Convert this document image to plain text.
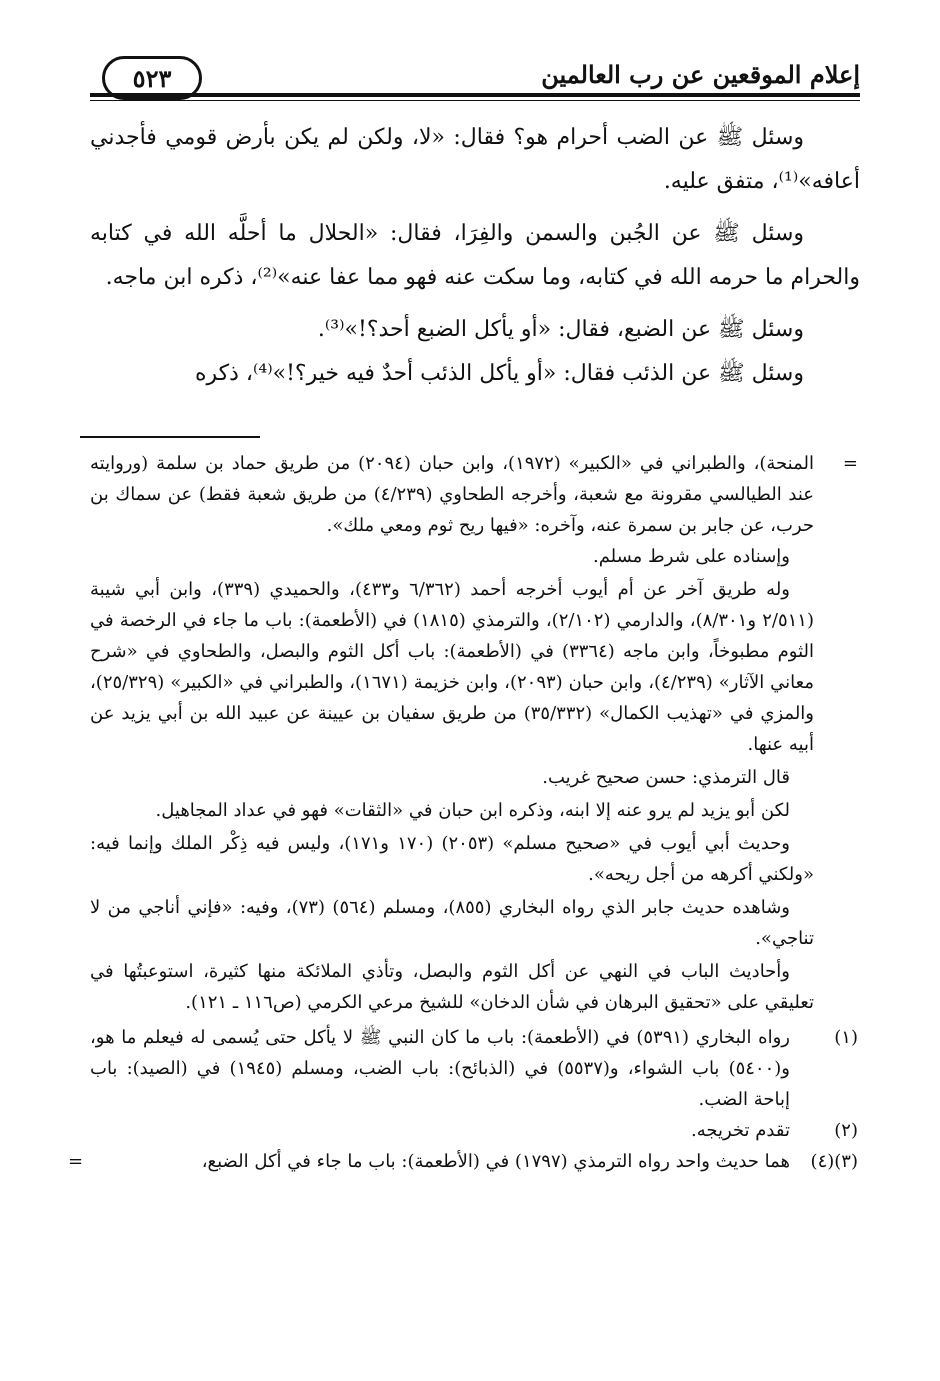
إعلام الموقعين عن رب العالمين
٥٢٣

وسئل ﷺ عن الضب أحرام هو؟ فقال: «لا، ولكن لم يكن بأرض قومي فأجدني أعافه»⁽¹⁾، متفق عليه.

وسئل ﷺ عن الجُبن والسمن والفِرَا، فقال: «الحلال ما أحلَّه الله في كتابه والحرام ما حرمه الله في كتابه، وما سكت عنه فهو مما عفا عنه»⁽²⁾، ذكره ابن ماجه.

وسئل ﷺ عن الضبع، فقال: «أو يأكل الضبع أحد؟!»⁽³⁾.

وسئل ﷺ عن الذئب فقال: «أو يأكل الذئب أحدٌ فيه خير؟!»⁽⁴⁾، ذكره

=
المنحة)، والطبراني في «الكبير» (١٩٧٢)، وابن حبان (٢٠٩٤) من طريق حماد بن سلمة (وروايته عند الطيالسي مقرونة مع شعبة، وأخرجه الطحاوي (٤/٢٣٩) من طريق شعبة فقط) عن سماك بن حرب، عن جابر بن سمرة عنه، وآخره: «فيها ريح ثوم ومعي ملك».

وإسناده على شرط مسلم.

وله طريق آخر عن أم أيوب أخرجه أحمد (٦/٣٦٢ و٤٣٣)، والحميدي (٣٣٩)، وابن أبي شيبة (٢/٥١١ و٨/٣٠١)، والدارمي (٢/١٠٢)، والترمذي (١٨١٥) في (الأطعمة): باب ما جاء في الرخصة في الثوم مطبوخاً، وابن ماجه (٣٣٦٤) في (الأطعمة): باب أكل الثوم والبصل، والطحاوي في «شرح معاني الآثار» (٤/٢٣٩)، وابن حبان (٢٠٩٣)، وابن خزيمة (١٦٧١)، والطبراني في «الكبير» (٢٥/٣٢٩)، والمزي في «تهذيب الكمال» (٣٥/٣٣٢) من طريق سفيان بن عيينة عن عبيد الله بن أبي يزيد عن أبيه عنها.

قال الترمذي: حسن صحيح غريب.

لكن أبو يزيد لم يرو عنه إلا ابنه، وذكره ابن حبان في «الثقات» فهو في عداد المجاهيل.

وحديث أبي أيوب في «صحيح مسلم» (٢٠٥٣) (١٧٠ و١٧١)، وليس فيه ذِكْر الملك وإنما فيه: «ولكني أكرهه من أجل ريحه».

وشاهده حديث جابر الذي رواه البخاري (٨٥٥)، ومسلم (٥٦٤) (٧٣)، وفيه: «فإني أناجي من لا تناجي».

وأحاديث الباب في النهي عن أكل الثوم والبصل، وتأذي الملائكة منها كثيرة، استوعبتُها في تعليقي على «تحقيق البرهان في شأن الدخان» للشيخ مرعي الكرمي (ص١١٦ ـ ١٢١).

(١)
رواه البخاري (٥٣٩١) في (الأطعمة): باب ما كان النبي ﷺ لا يأكل حتى يُسمى له فيعلم ما هو، و(٥٤٠٠) باب الشواء، و(٥٥٣٧) في (الذبائح): باب الضب، ومسلم (١٩٤٥) في (الصيد): باب إباحة الضب.

(٢)
تقدم تخريجه.

(٣)(٤)
هما حديث واحد رواه الترمذي (١٧٩٧) في (الأطعمة): باب ما جاء في أكل الضبع،
=
